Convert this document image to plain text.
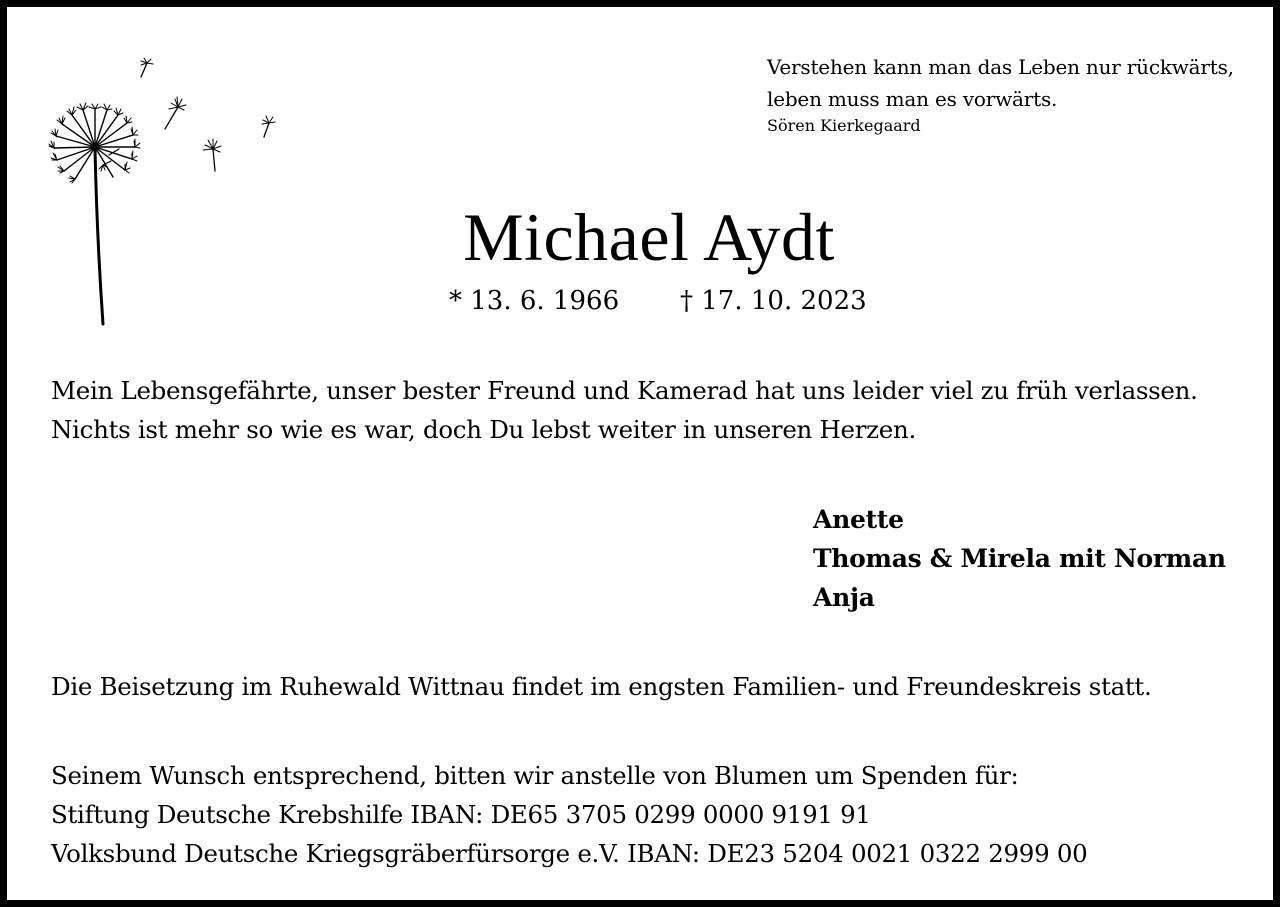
Verstehen kann man das Leben nur rückwärts,
leben muss man es vorwärts.
Sören Kierkegaard
Michael Aydt
* 13. 6. 1966 † 17. 10. 2023
Mein Lebensgefährte, unser bester Freund und Kamerad hat uns leider viel zu früh verlassen.
Nichts ist mehr so wie es war, doch Du lebst weiter in unseren Herzen.
Anette
Thomas & Mirela mit Norman
Anja
Die Beisetzung im Ruhewald Wittnau findet im engsten Familien- und Freundeskreis statt.
Seinem Wunsch entsprechend, bitten wir anstelle von Blumen um Spenden für:
Stiftung Deutsche Krebshilfe IBAN: DE65 3705 0299 0000 9191 91
Volksbund Deutsche Kriegsgräberfürsorge e.V. IBAN: DE23 5204 0021 0322 2999 00
